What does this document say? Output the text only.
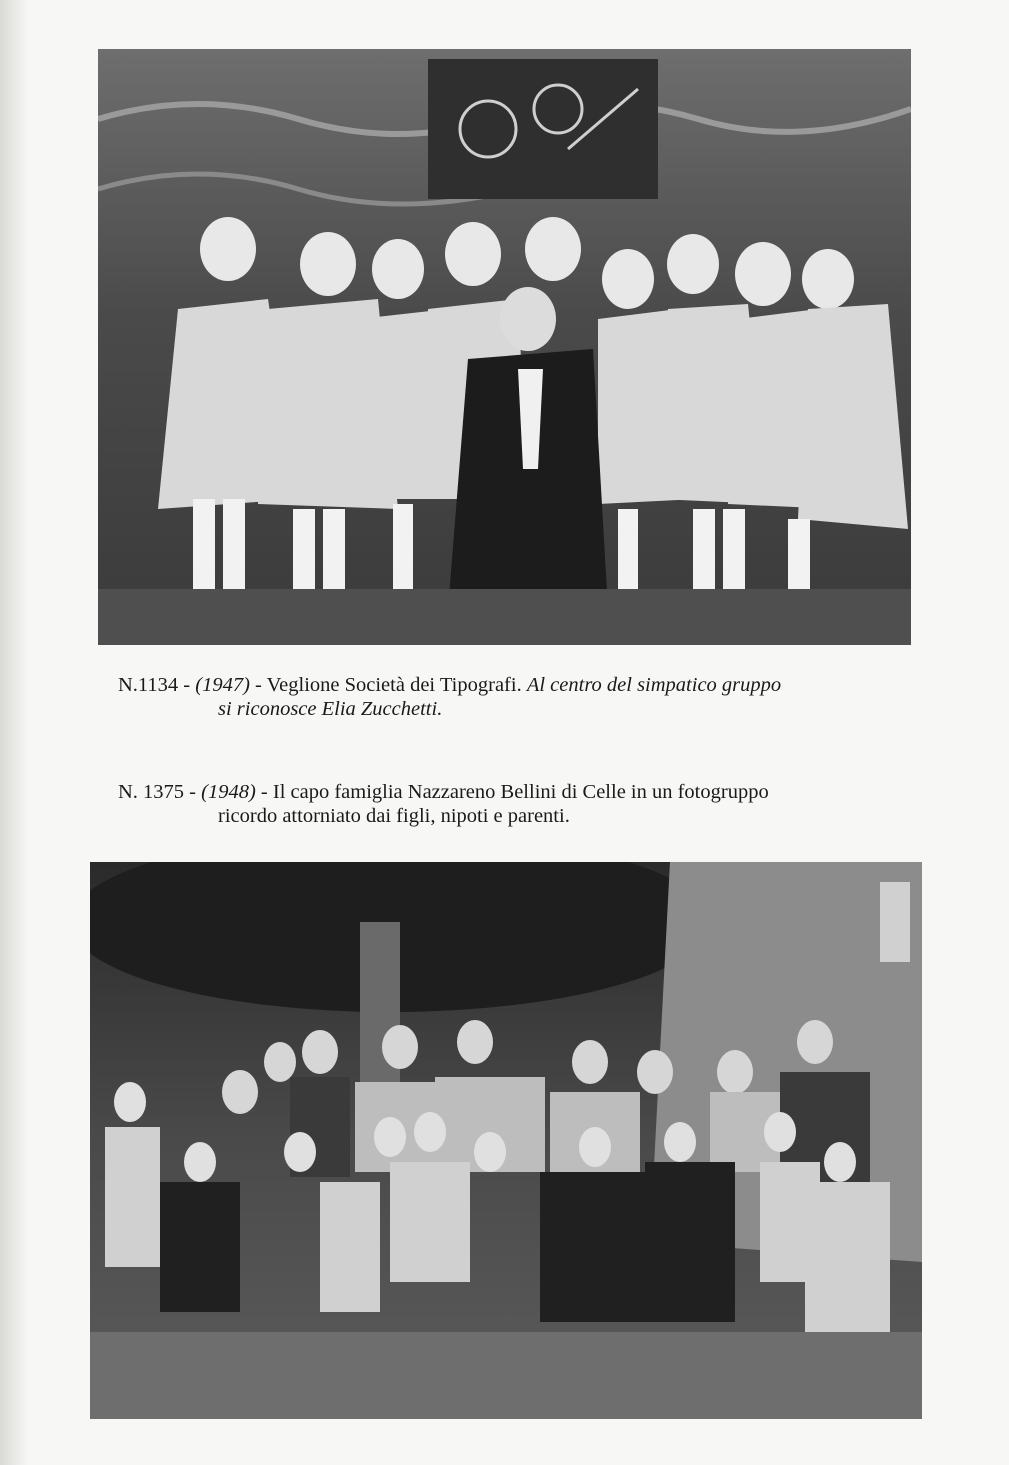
N.1134 - (1947) - Veglione Società dei Tipografi. Al centro del simpatico gruppo
si riconosce Elia Zucchetti.
N. 1375 - (1948) - Il capo famiglia Nazzareno Bellini di Celle in un fotogruppo
ricordo attorniato dai figli, nipoti e parenti.
